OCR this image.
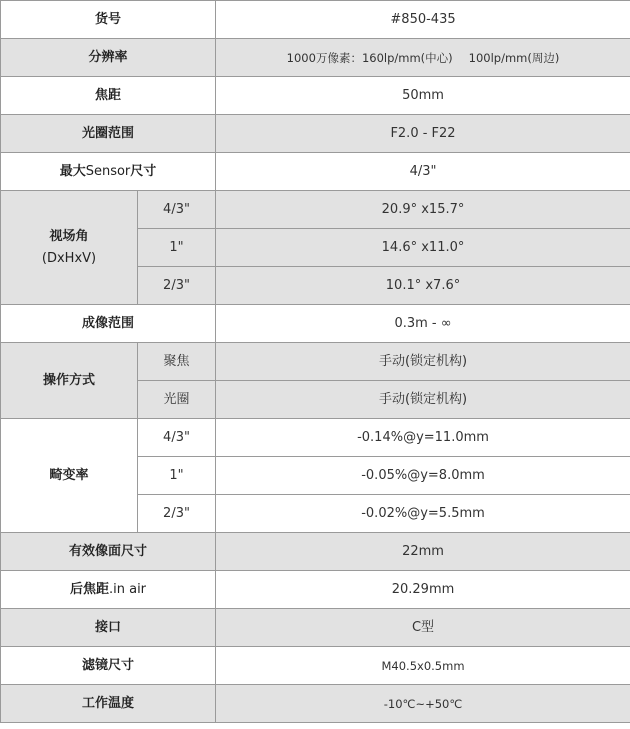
货号		#850-435
分辨率		1000万像素：160lp/mm(中心) 100lp/mm(周边)
焦距		50mm
光圈范围		F2.0 - F22
最大Sensor尺寸		4/3"
视场角
(DxHxV)	4/3"	20.9° x15.7°
	1"	14.6° x11.0°
	2/3"	10.1° x7.6°
成像范围		0.3m - ∞
操作方式	聚焦	手动(锁定机构)
	光圈	手动(锁定机构)
畸变率	4/3"	-0.14%@y=11.0mm
	1"	-0.05%@y=8.0mm
	2/3"	-0.02%@y=5.5mm
有效像面尺寸		22mm
后焦距.in air		20.29mm
接口		C型
滤镜尺寸		M40.5x0.5mm
工作温度		-10℃~+50℃
